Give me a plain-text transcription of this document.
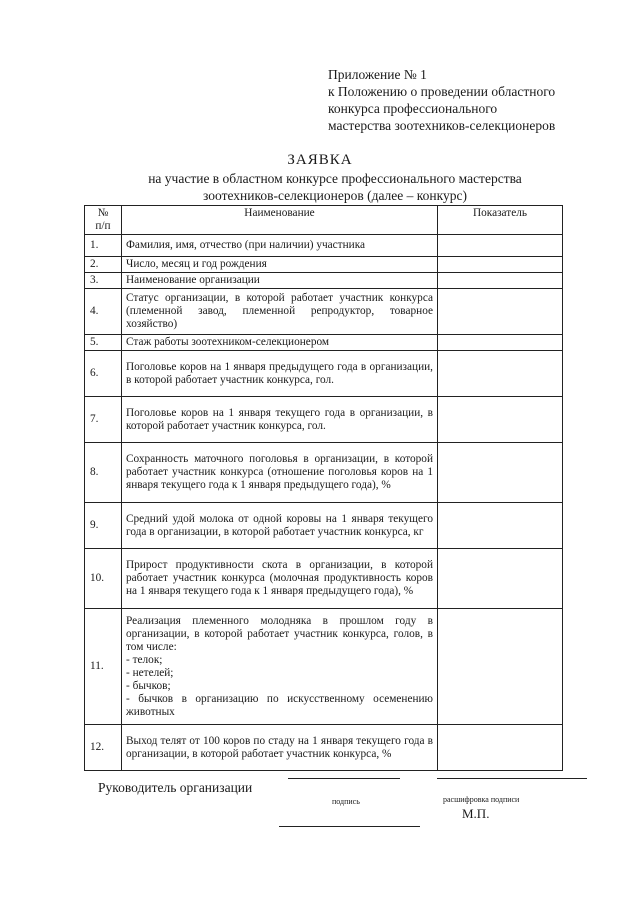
Приложение № 1
к Положению о проведении областного
конкурса профессионального
мастерства зоотехников-селекционеров
ЗАЯВКА
на участие в областном конкурсе профессионального мастерства
зоотехников-селекционеров (далее – конкурс)
№
п/п	Наименование	Показатель
1.	Фамилия, имя, отчество (при наличии) участника	
2.	Число, месяц и год рождения	
3.	Наименование организации	
4.	Статус организации, в которой работает участник конкурса (племенной завод, племенной репродуктор, товарное хозяйство)	
5.	Стаж работы зоотехником-селекционером	
6.	Поголовье коров на 1 января предыдущего года в организации, в которой работает участник конкурса, гол.	
7.	Поголовье коров на 1 января текущего года в организации, в которой работает участник конкурса, гол.	
8.	Сохранность маточного поголовья в организации, в которой работает участник конкурса (отношение поголовья коров на 1 января текущего года к 1 января предыдущего года), %	
9.	Средний удой молока от одной коровы на 1 января текущего года в организации, в которой работает участник конкурса, кг	
10.	Прирост продуктивности скота в организации, в которой работает участник конкурса (молочная продуктивность коров на 1 января текущего года к 1 января предыдущего года), %	
11.	Реализация племенного молодняка в прошлом году в организации, в которой работает участник конкурса, голов, в том числе:
- телок;
- нетелей;
- бычков;
- бычков в организацию по искусственному осеменению животных	
12.	Выход телят от 100 коров по стаду на 1 января текущего года в организации, в которой работает участник конкурса, %	
Руководитель организации
подпись	расшифровка подписи
М.П.
